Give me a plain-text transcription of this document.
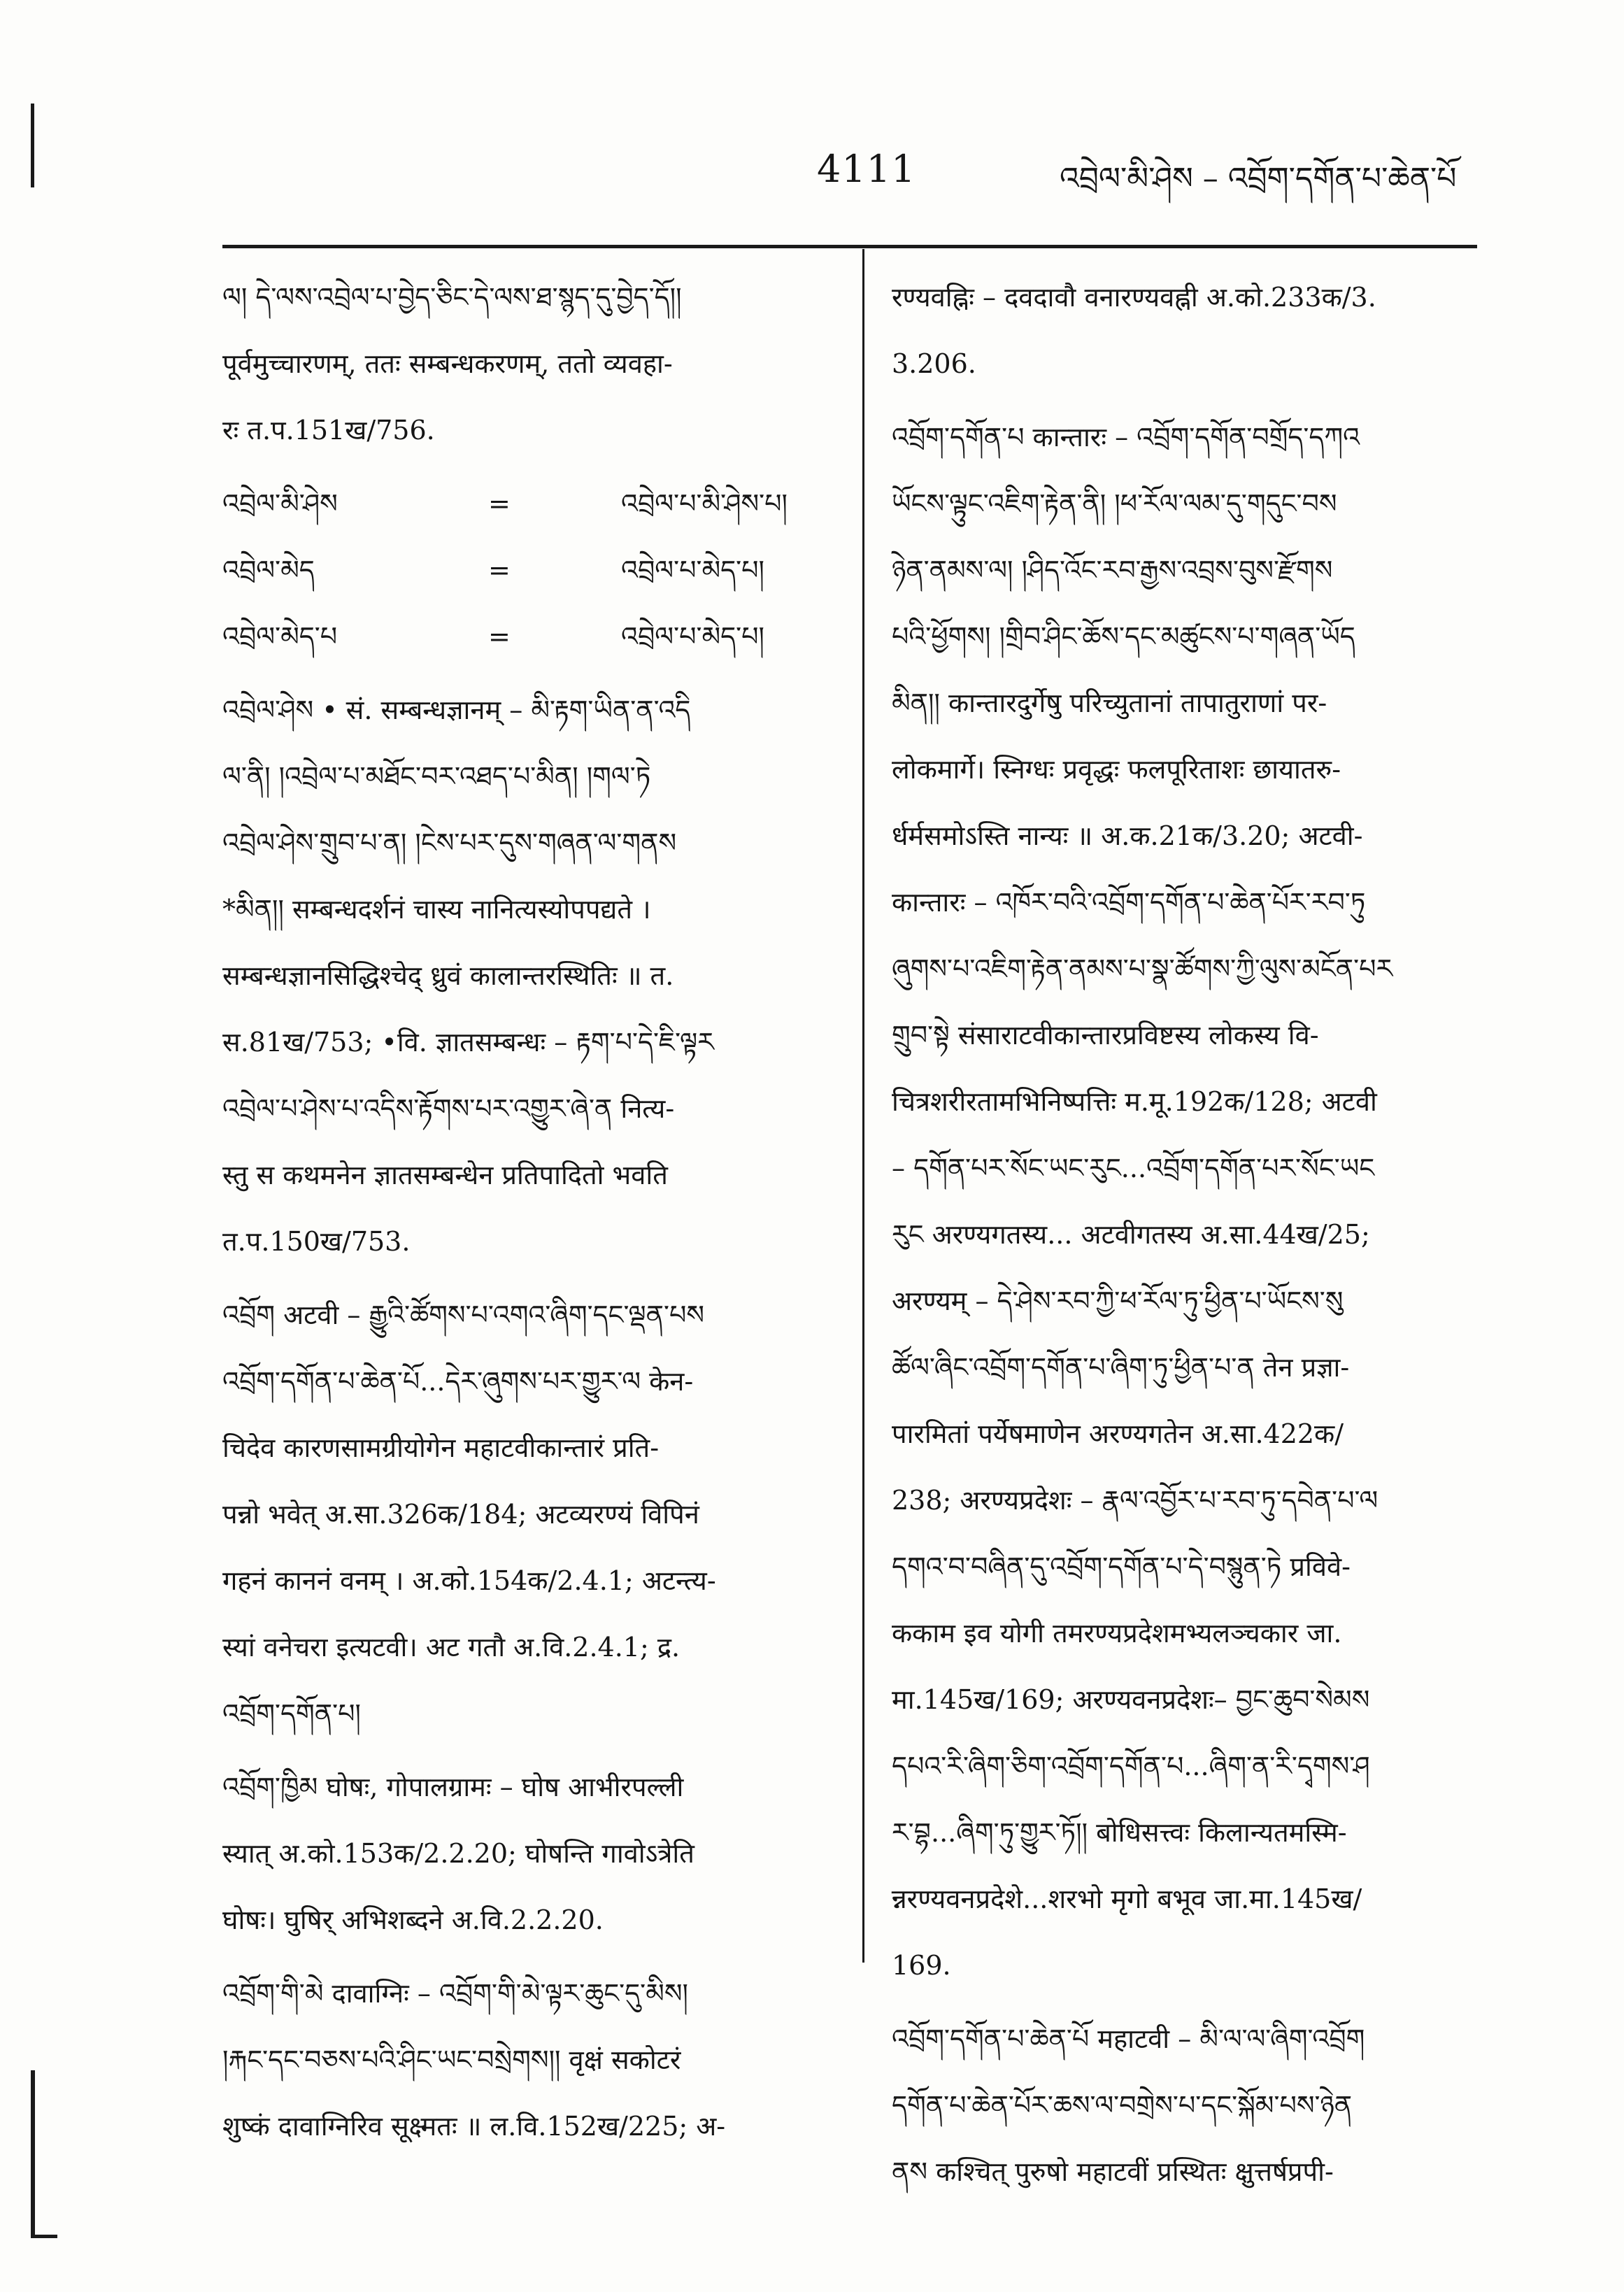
4111	འབྲེལ་མི་ཤེས – འབྲོག་དགོན་པ་ཆེན་པོ

ལ། དེ་ལས་འབྲེལ་པ་བྱེད་ཅིང་དེ་ལས་ཐ་སྙད་དུ་བྱེད་དོ།།

पूर्वमुच्चारणम्, ततः सम्बन्धकरणम्, ततो व्यवहा-

रः त.प.151ख/756.

འབྲེལ་མི་ཤེས	=	འབྲེལ་པ་མི་ཤེས་པ།
འབྲེལ་མེད	=	འབྲེལ་པ་མེད་པ།
འབྲེལ་མེད་པ	=	འབྲེལ་པ་མེད་པ།

འབྲེལ་ཤེས • सं. सम्बन्धज्ञानम् – མི་རྟག་ཡིན་ན་འདི

ལ་ནི། །འབྲེལ་པ་མཐོང་བར་འཐད་པ་མིན། །གལ་ཏེ

འབྲེལ་ཤེས་གྲུབ་པ་ན། །ངེས་པར་དུས་གཞན་ལ་གནས

*མིན།། सम्बन्धदर्शनं चास्य नानित्यस्योपपद्यते ।

सम्बन्धज्ञानसिद्धिश्चेद् ध्रुवं कालान्तरस्थितिः ॥ त.

स.81ख/753; •वि. ज्ञातसम्बन्धः – རྟག་པ་དེ་ཇི་ལྟར

འབྲེལ་པ་ཤེས་པ་འདིས་རྟོགས་པར་འགྱུར་ཞེ་ན नित्य-

स्तु स कथमनेन ज्ञातसम्बन्धेन प्रतिपादितो भवति

त.प.150ख/753.

འབྲོག अटवी – རྒྱུའི་ཚོགས་པ་འགའ་ཞིག་དང་ལྡན་པས

འབྲོག་དགོན་པ་ཆེན་པོ...དེར་ཞུགས་པར་གྱུར་ལ केन-

चिदेव कारणसामग्रीयोगेन महाटवीकान्तारं प्रति-

पन्नो भवेत् अ.सा.326क/184; अटव्यरण्यं विपिनं

गहनं काननं वनम् । अ.को.154क/2.4.1; अटन्त्य-

स्यां वनेचरा इत्यटवी। अट गतौ अ.वि.2.4.1; द्र.

འབྲོག་དགོན་པ།

འབྲོག་ཁྱིམ घोषः, गोपालग्रामः – घोष आभीरपल्ली

स्यात् अ.को.153क/2.2.20; घोषन्ति गावोऽत्रेति

घोषः। घुषिर् अभिशब्दने अ.वि.2.2.20.

འབྲོག་གི་མེ दावाग्निः – འབྲོག་གི་མེ་ལྟར་ཆུང་དུ་མིས།

།རྐང་དང་བཅས་པའི་ཤིང་ཡང་བསྲེགས།། वृक्षं सकोटरं

शुष्कं दावाग्निरिव सूक्ष्मतः ॥ ल.वि.152ख/225; अ-

रण्यवह्निः – दवदावौ वनारण्यवह्नी अ.को.233क/3.

3.206.

འབྲོག་དགོན་པ कान्तारः – འབྲོག་དགོན་བགྲོད་དཀའ

ཡོངས་ལྟུང་འཇིག་རྟེན་ནི། །ཕ་རོལ་ལམ་དུ་གདུང་བས

ཉེན་ནམས་ལ། །ཤིད་འོང་རབ་རྒྱས་འབྲས་བུས་རྫོགས

པའི་ཕྱོགས། །གྲིབ་ཤིང་ཆོས་དང་མཚུངས་པ་གཞན་ཡོད

མིན།། कान्तारदुर्गेषु परिच्युतानां तापातुराणां पर-

लोकमार्गे। स्निग्धः प्रवृद्धः फलपूरिताशः छायातरु-

र्धर्मसमोऽस्ति नान्यः ॥ अ.क.21क/3.20; अटवी-

कान्तारः – འཁོར་བའི་འབྲོག་དགོན་པ་ཆེན་པོར་རབ་ཏུ

ཞུགས་པ་འཇིག་རྟེན་ནམས་པ་སྣ་ཚོགས་ཀྱི་ལུས་མངོན་པར

གྲུབ་སྟེ संसाराटवीकान्तारप्रविष्टस्य लोकस्य वि-

चित्रशरीरतामभिनिष्पत्तिः म.मू.192क/128; अटवी

– དགོན་པར་སོང་ཡང་རུང...འབྲོག་དགོན་པར་སོང་ཡང

རུང अरण्यगतस्य... अटवीगतस्य अ.सा.44ख/25;

अरण्यम् – དེ་ཤེས་རབ་ཀྱི་ཕ་རོལ་ཏུ་ཕྱིན་པ་ཡོངས་སུ

ཚོལ་ཞིང་འབྲོག་དགོན་པ་ཞིག་ཏུ་ཕྱིན་པ་ན तेन प्रज्ञा-

पारमितां पर्येषमाणेन अरण्यगतेन अ.सा.422क/

238; अरण्यप्रदेशः – རྣལ་འབྱོར་པ་རབ་ཏུ་དབེན་པ་ལ

དགའ་བ་བཞིན་དུ་འབྲོག་དགོན་པ་དེ་བསྙུན་ཏེ प्रविवे-

ककाम इव योगी तमरण्यप्रदेशमभ्यलञ्चकार जा.

मा.145ख/169; अरण्यवनप्रदेशः– བྱང་ཆུབ་སེམས

དཔའ་རི་ཞིག་ཅིག་འབྲོག་དགོན་པ...ཞིག་ན་རི་དྭགས་ཤ

ར་བྷ...ཞིག་ཏུ་གྱུར་ཏོ།། बोधिसत्त्वः किलान्यतमस्मि-

न्नरण्यवनप्रदेशे...शरभो मृगो बभूव जा.मा.145ख/

169.

འབྲོག་དགོན་པ་ཆེན་པོ महाटवी – མི་ལ་ལ་ཞིག་འབྲོག

དགོན་པ་ཆེན་པོར་ཆས་ལ་བགྲེས་པ་དང་སྐོམ་པས་ཉེན

ནས कश्चित् पुरुषो महाटवीं प्रस्थितः क्षुत्तर्षप्रपी-
